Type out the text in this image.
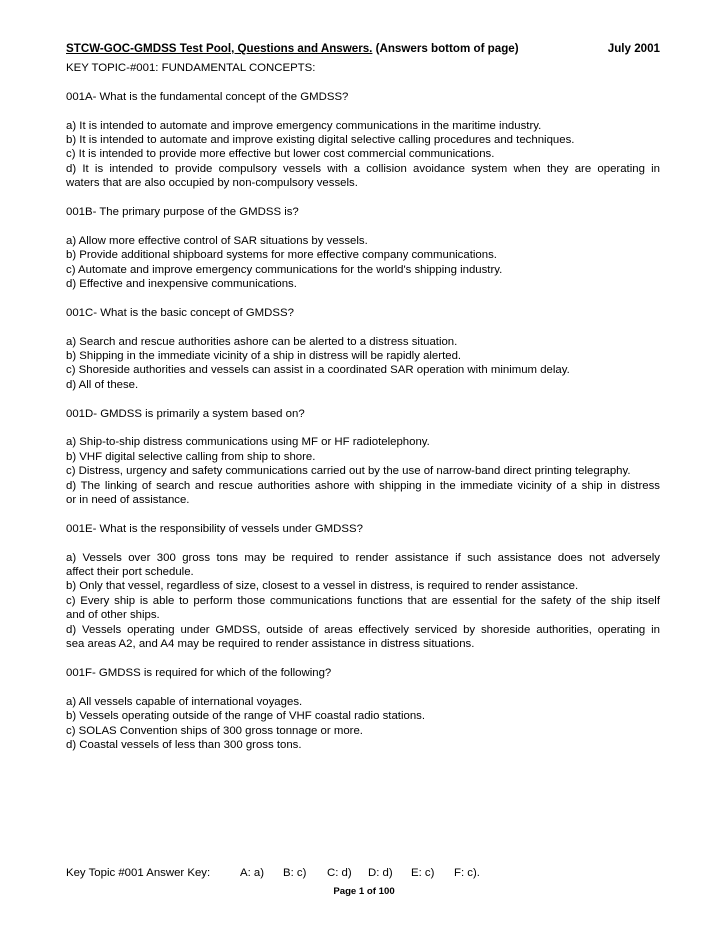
STCW-GOC-GMDSS Test Pool, Questions and Answers. (Answers bottom of page)	July 2001
KEY TOPIC-#001: FUNDAMENTAL CONCEPTS:
001A- What is the fundamental concept of the GMDSS?
a) It is intended to automate and improve emergency communications in the maritime industry.
b) It is intended to automate and improve existing digital selective calling procedures and techniques.
c) It is intended to provide more effective but lower cost commercial communications.
d) It is intended to provide compulsory vessels with a collision avoidance system when they are operating in
waters that are also occupied by non-compulsory vessels.
001B- The primary purpose of the GMDSS is?
a) Allow more effective control of SAR situations by vessels.
b) Provide additional shipboard systems for more effective company communications.
c) Automate and improve emergency communications for the world's shipping industry.
d) Effective and inexpensive communications.
001C- What is the basic concept of GMDSS?
a) Search and rescue authorities ashore can be alerted to a distress situation.
b) Shipping in the immediate vicinity of a ship in distress will be rapidly alerted.
c) Shoreside authorities and vessels can assist in a coordinated SAR operation with minimum delay.
d) All of these.
001D- GMDSS is primarily a system based on?
a) Ship-to-ship distress communications using MF or HF radiotelephony.
b) VHF digital selective calling from ship to shore.
c) Distress, urgency and safety communications carried out by the use of narrow-band direct printing telegraphy.
d) The linking of search and rescue authorities ashore with shipping in the immediate vicinity of a ship in distress
or in need of assistance.
001E- What is the responsibility of vessels under GMDSS?
a) Vessels over 300 gross tons may be required to render assistance if such assistance does not adversely
affect their port schedule.
b) Only that vessel, regardless of size, closest to a vessel in distress, is required to render assistance.
c) Every ship is able to perform those communications functions that are essential for the safety of the ship itself
and of other ships.
d) Vessels operating under GMDSS, outside of areas effectively serviced by shoreside authorities, operating in
sea areas A2, and A4 may be required to render assistance in distress situations.
001F- GMDSS is required for which of the following?
a) All vessels capable of international voyages.
b) Vessels operating outside of the range of VHF coastal radio stations.
c) SOLAS Convention ships of 300 gross tonnage or more.
d) Coastal vessels of less than 300 gross tons.
Key Topic #001 Answer Key:	A: a) B: c) C: d) D: d) E: c) F: c).
Page 1 of 100
